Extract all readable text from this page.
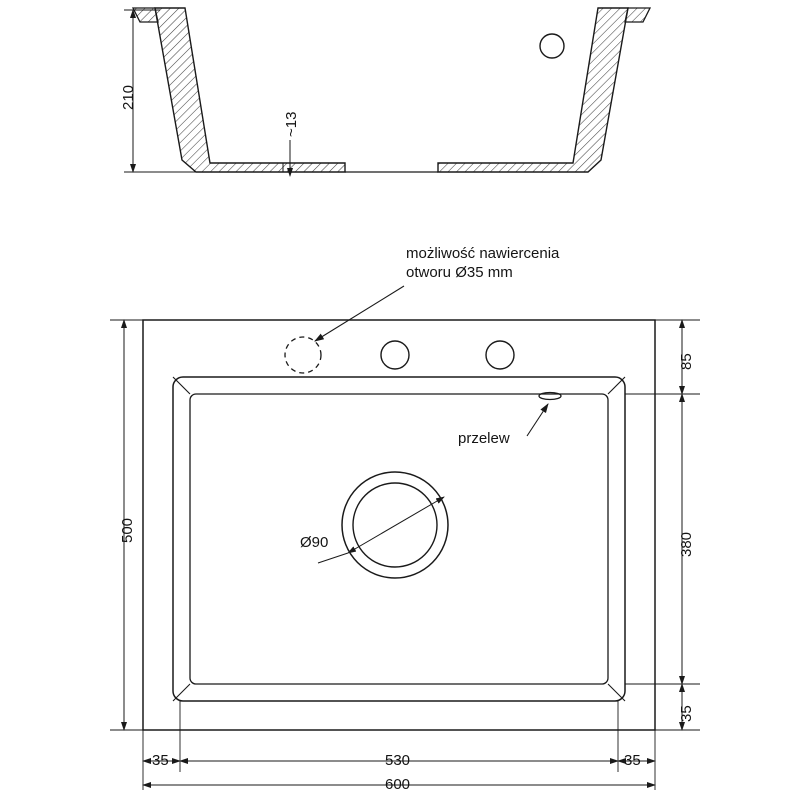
210
~13
możliwość nawiercenia
otworu Ø35 mm
przelew
Ø90
85
380
35
500
35	530	35
600
